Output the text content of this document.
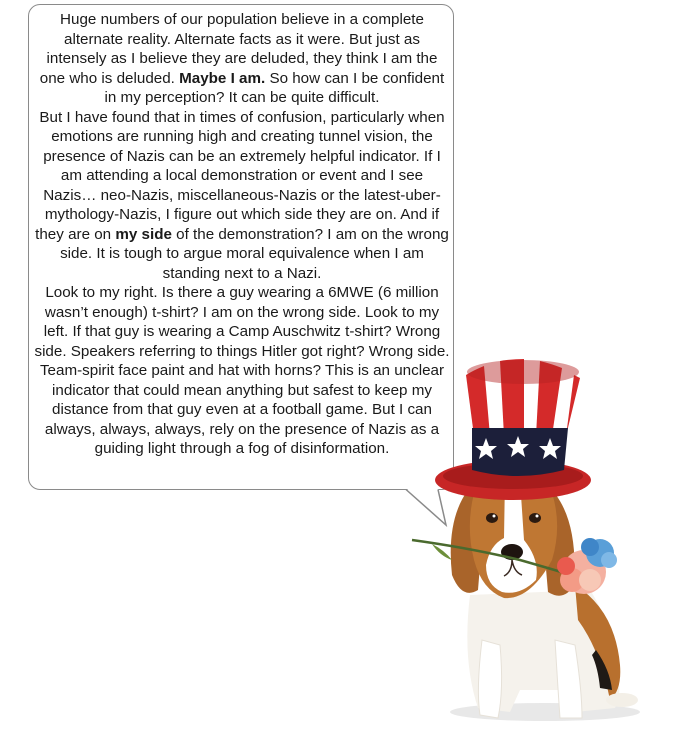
Huge numbers of our population believe in a complete alternate reality. Alternate facts as it were. But just as intensely as I believe they are deluded, they think I am the one who is deluded. Maybe I am. So how can I be confident in my perception? It can be quite difficult.

But I have found that in times of confusion, particularly when emotions are running high and creating tunnel vision, the presence of Nazis can be an extremely helpful indicator. If I am attending a local demonstration or event and I see Nazis… neo-Nazis, miscellaneous-Nazis or the latest-uber-mythology-Nazis, I figure out which side they are on. And if they are on my side of the demonstration? I am on the wrong side. It is tough to argue moral equivalence when I am standing next to a Nazi.

Look to my right. Is there a guy wearing a 6MWE (6 million wasn’t enough) t-shirt? I am on the wrong side. Look to my left. If that guy is wearing a Camp Auschwitz t-shirt? Wrong side. Speakers referring to things Hitler got right? Wrong side. Team-spirit face paint and hat with horns? This is an unclear indicator that could mean anything but safest to keep my distance from that guy even at a football game. But I can always, always, always, rely on the presence of Nazis as a guiding light through a fog of disinformation.
